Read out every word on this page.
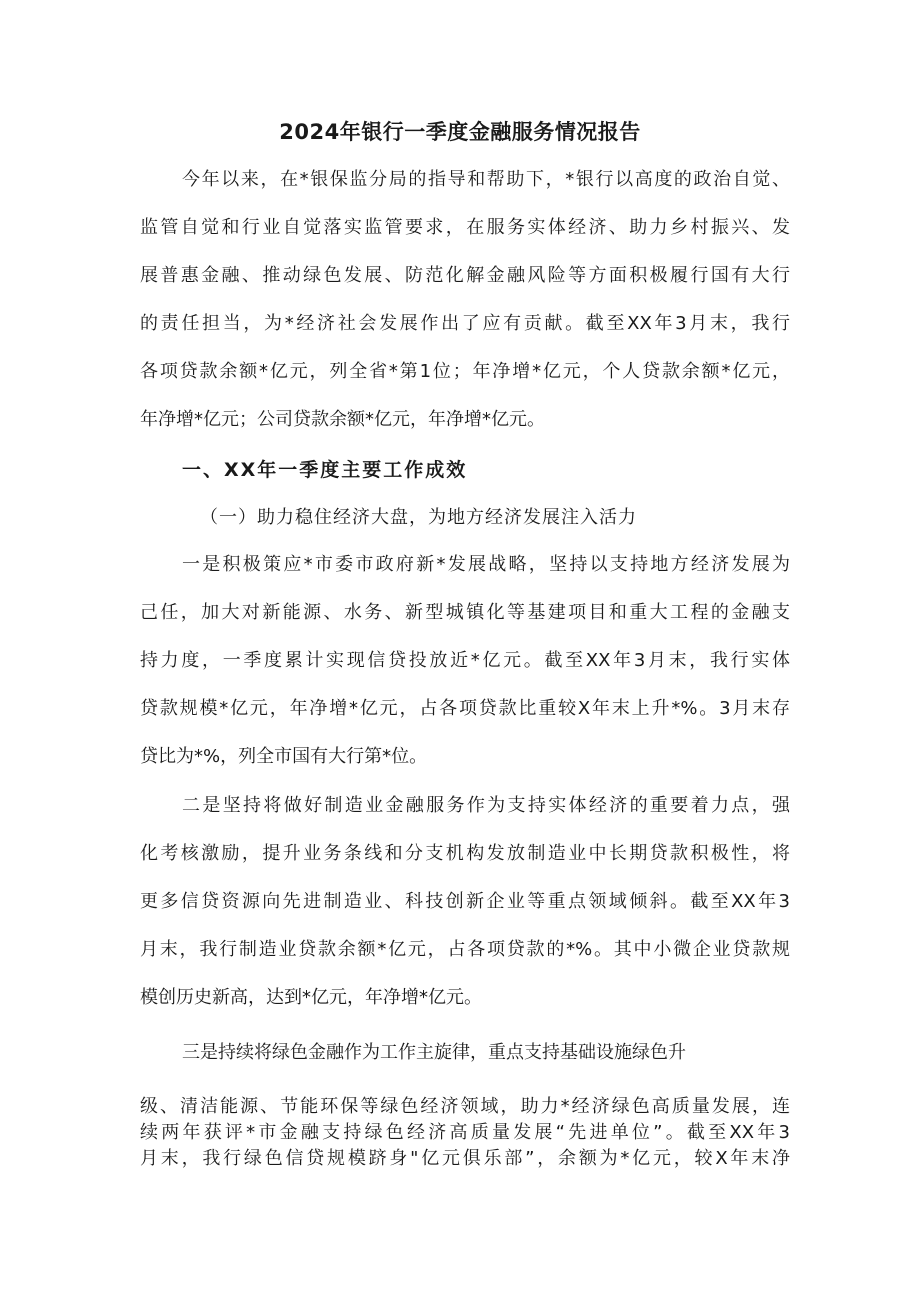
2024年银行一季度金融服务情况报告
今年以来，在*银保监分局的指导和帮助下，*银行以高度的政治自觉、
监管自觉和行业自觉落实监管要求，在服务实体经济、助力乡村振兴、发
展普惠金融、推动绿色发展、防范化解金融风险等方面积极履行国有大行
的责任担当，为*经济社会发展作出了应有贡献。截至XX年3月末，我行
各项贷款余额*亿元，列全省*第1位；年净增*亿元，个人贷款余额*亿元，
年净增*亿元；公司贷款余额*亿元，年净增*亿元。
一、XX年一季度主要工作成效
（一）助力稳住经济大盘，为地方经济发展注入活力
一是积极策应*市委市政府新*发展战略，坚持以支持地方经济发展为
己任，加大对新能源、水务、新型城镇化等基建项目和重大工程的金融支
持力度，一季度累计实现信贷投放近*亿元。截至XX年3月末，我行实体
贷款规模*亿元，年净增*亿元，占各项贷款比重较X年末上升*%。3月末存
贷比为*%，列全市国有大行第*位。
二是坚持将做好制造业金融服务作为支持实体经济的重要着力点，强
化考核激励，提升业务条线和分支机构发放制造业中长期贷款积极性，将
更多信贷资源向先进制造业、科技创新企业等重点领域倾斜。截至XX年3
月末，我行制造业贷款余额*亿元，占各项贷款的*%。其中小微企业贷款规
模创历史新高，达到*亿元，年净增*亿元。
三是持续将绿色金融作为工作主旋律，重点支持基础设施绿色升
级、清洁能源、节能环保等绿色经济领域，助力*经济绿色高质量发展，连
续两年获评*市金融支持绿色经济高质量发展“先进单位”。截至XX年3
月末，我行绿色信贷规模跻身"亿元俱乐部”，余额为*亿元，较X年末净
